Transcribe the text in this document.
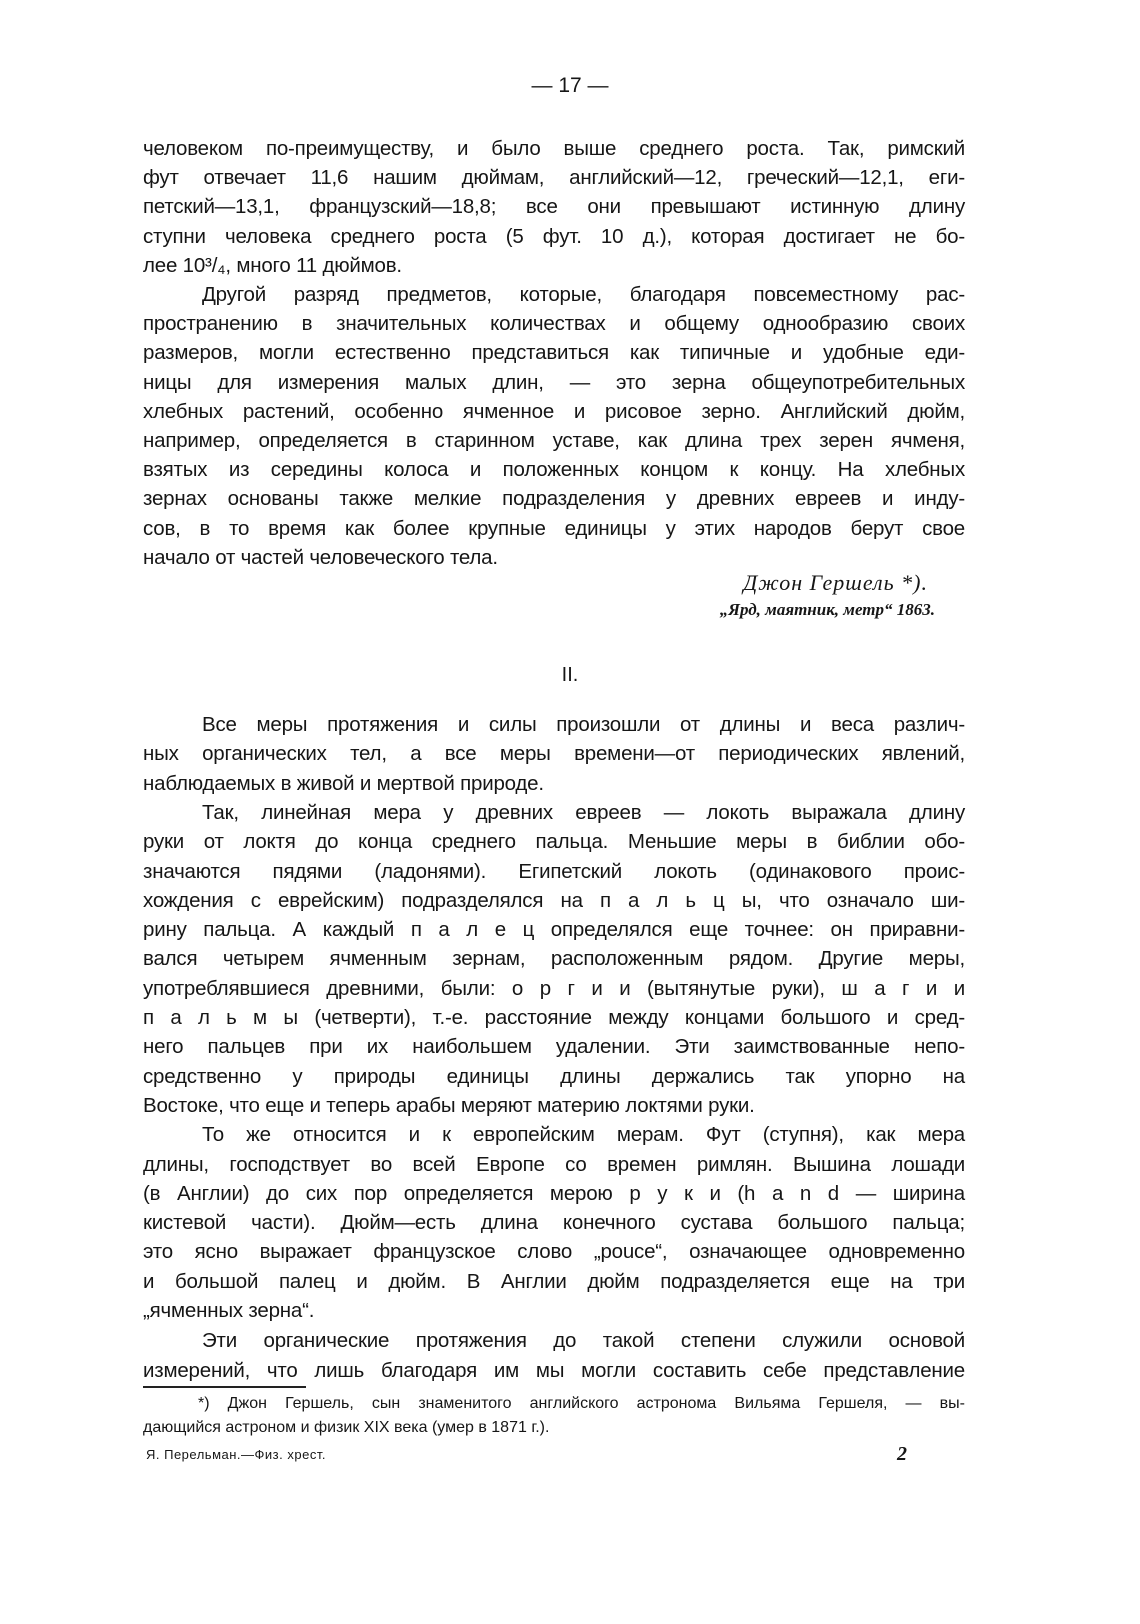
— 17 —
человеком по-преимуществу, и было выше среднего роста. Так, римский
фут отвечает 11,6 нашим дюймам, английский—12, греческий—12,1, еги-
петский—13,1, французский—18,8; все они превышают истинную длину
ступни человека среднего роста (5 фут. 10 д.), которая достигает не бо-
лее 10³/₄, много 11 дюймов.
Другой разряд предметов, которые, благодаря повсеместному рас-
пространению в значительных количествах и общему однообразию своих
размеров, могли естественно представиться как типичные и удобные еди-
ницы для измерения малых длин, — это зерна общеупотребительных
хлебных растений, особенно ячменное и рисовое зерно. Английский дюйм,
например, определяется в старинном уставе, как длина трех зерен ячменя,
взятых из середины колоса и положенных концом к концу. На хлебных
зернах основаны также мелкие подразделения у древних евреев и инду-
сов, в то время как более крупные единицы у этих народов берут свое
начало от частей человеческого тела.
Джон Гершель *).
„Ярд, маятник, метр“ 1863.
II.
Все меры протяжения и силы произошли от длины и веса различ-
ных органических тел, а все меры времени—от периодических явлений,
наблюдаемых в живой и мертвой природе.
Так, линейная мера у древних евреев — локоть выражала длину
руки от локтя до конца среднего пальца. Меньшие меры в библии обо-
значаются пядями (ладонями). Египетский локоть (одинакового проис-
хождения с еврейским) подразделялся на п а л ь ц ы, что означало ши-
рину пальца. А каждый п а л е ц определялся еще точнее: он приравни-
вался четырем ячменным зернам, расположенным рядом. Другие меры,
употреблявшиеся древними, были: о р г и и (вытянутые руки), ш а г и и
п а л ь м ы (четверти), т.-е. расстояние между концами большого и сред-
него пальцев при их наибольшем удалении. Эти заимствованные непо-
средственно у природы единицы длины держались так упорно на
Востоке, что еще и теперь арабы меряют материю локтями руки.
То же относится и к европейским мерам. Фут (ступня), как мера
длины, господствует во всей Европе со времен римлян. Вышина лошади
(в Англии) до сих пор определяется мерою р у к и (h a n d — ширина
кистевой части). Дюйм—есть длина конечного сустава большого пальца;
это ясно выражает французское слово „pouce“, означающее одновременно
и большой палец и дюйм. В Англии дюйм подразделяется еще на три
„ячменных зерна“.
Эти органические протяжения до такой степени служили основой
измерений, что лишь благодаря им мы могли составить себе представление
*) Джон Гершель, сын знаменитого английского астронома Вильяма Гершеля, — вы-
дающийся астроном и физик XIX века (умер в 1871 г.).
Я. Перельман.—Физ. хрест.	2
